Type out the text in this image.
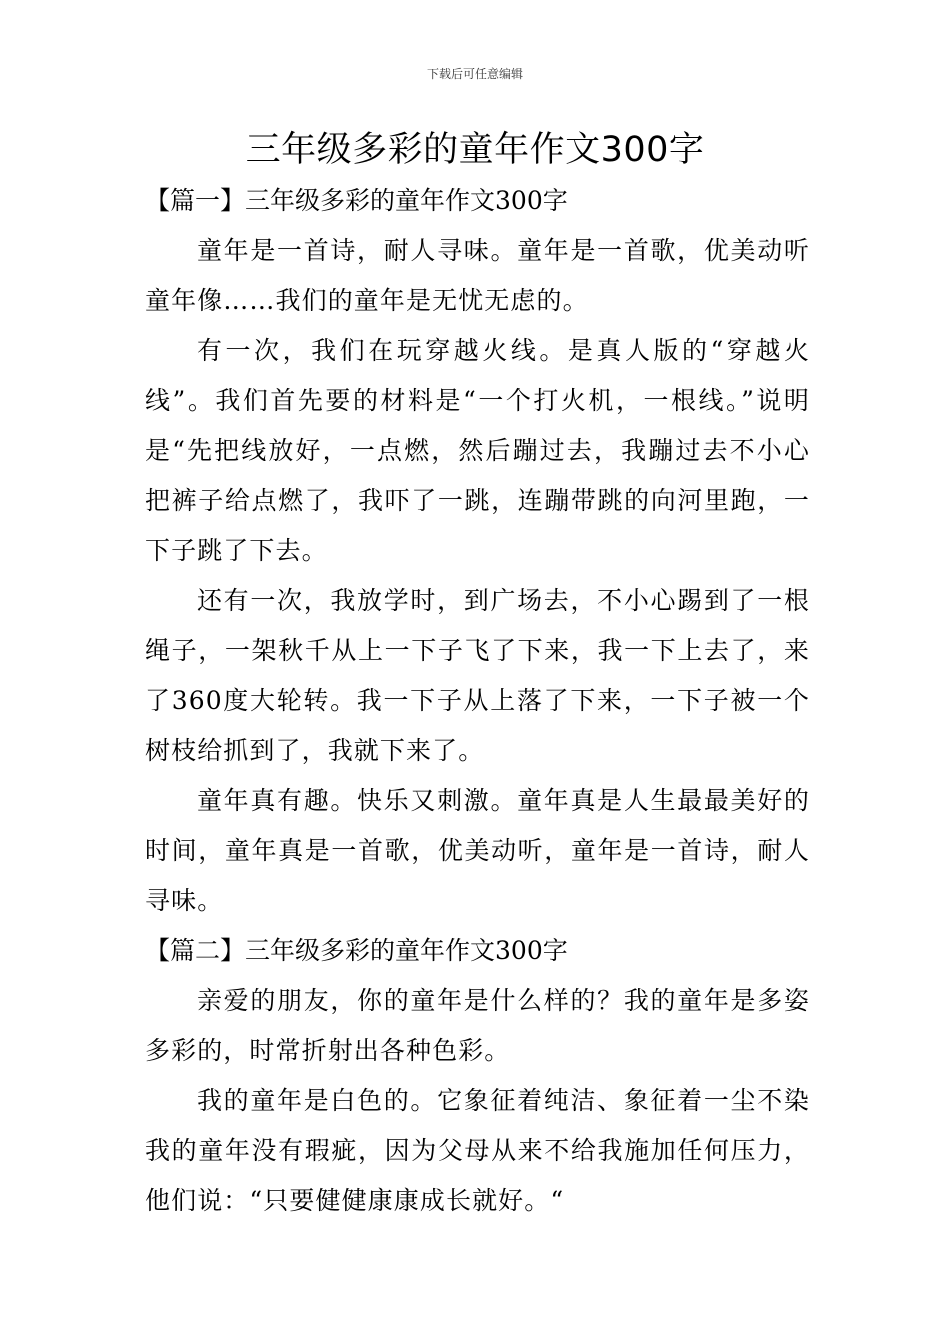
下载后可任意编辑
三年级多彩的童年作文300字
【篇一】三年级多彩的童年作文300字

童年是一首诗，耐人寻味。童年是一首歌，优美动听童年像……我们的童年是无忧无虑的。

有一次，我们在玩穿越火线。是真人版的“穿越火线”。我们首先要的材料是“一个打火机，一根线。”说明是“先把线放好，一点燃，然后蹦过去，我蹦过去不小心把裤子给点燃了，我吓了一跳，连蹦带跳的向河里跑，一下子跳了下去。

还有一次，我放学时，到广场去，不小心踢到了一根绳子，一架秋千从上一下子飞了下来，我一下上去了，来了360度大轮转。我一下子从上落了下来，一下子被一个树枝给抓到了，我就下来了。

童年真有趣。快乐又刺激。童年真是人生最最美好的时间，童年真是一首歌，优美动听，童年是一首诗，耐人寻味。

【篇二】三年级多彩的童年作文300字

亲爱的朋友，你的童年是什么样的？我的童年是多姿多彩的，时常折射出各种色彩。

我的童年是白色的。它象征着纯洁、象征着一尘不染我的童年没有瑕疵，因为父母从来不给我施加任何压力，他们说：“只要健健康康成长就好。“
